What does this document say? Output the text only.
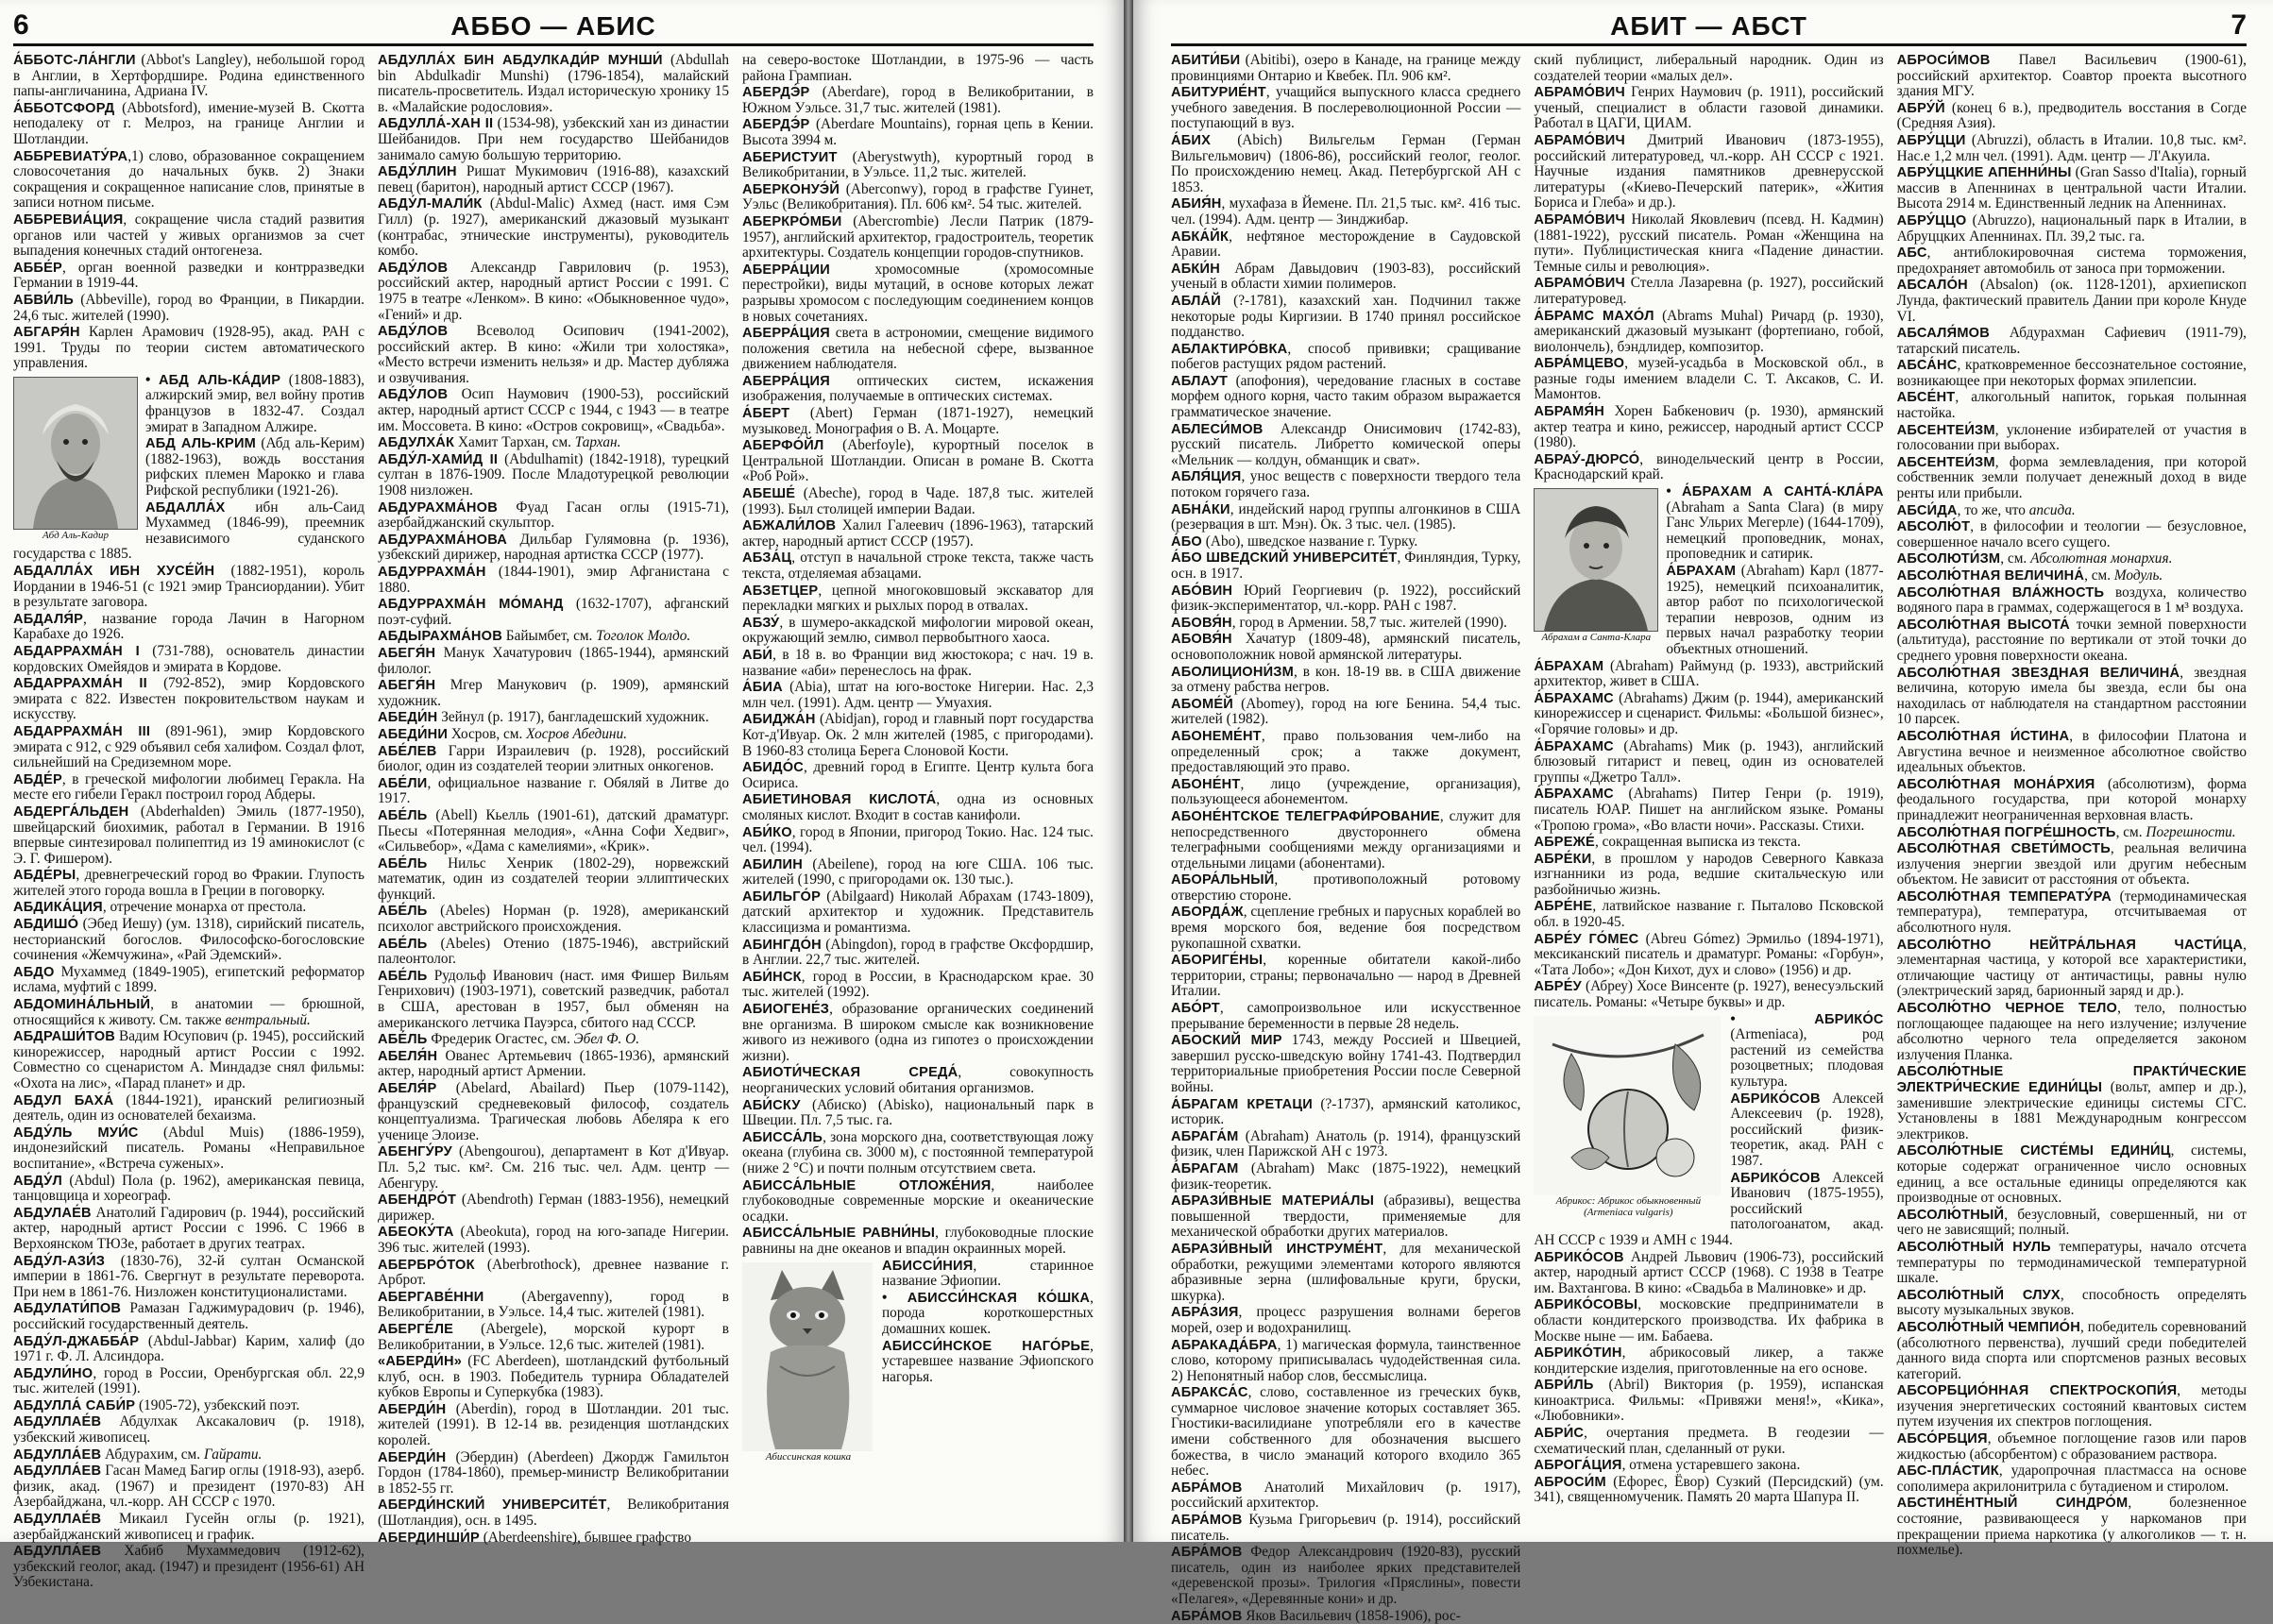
6	АББО — АБИС

А́ББОТС-ЛА́НГЛИ (Abbot's Langley), небольшой город в Англии, в Хертфордшире. Родина единственного папы-англичанина, Адриана IV.

А́ББОТСФОРД (Abbotsford), имение-музей В. Скотта неподалеку от г. Мелроз, на границе Англии и Шотландии.

АББРЕВИАТУ́РА,1) слово, образованное сокращением словосочетания до начальных букв. 2) Знаки сокращения и сокращенное написание слов, принятые в записи нотном письме.

АББРЕВИА́ЦИЯ, сокращение числа стадий развития органов или частей у живых организмов за счет выпадения конечных стадий онтогенеза.

АББЕ́Р, орган военной разведки и контрразведки Германии в 1919-44.

АБВИ́ЛЬ (Abbeville), город во Франции, в Пикардии. 24,6 тыс. жителей (1990).

АБГАРЯ́Н Карлен Арамович (1928-95), акад. РАН с 1991. Труды по теории систем автоматического управления.

Абд Аль-Кадир

• АБД АЛЬ-КА́ДИР (1808-1883), алжирский эмир, вел войну против французов в 1832-47. Создал эмират в Западном Алжире.

АБД АЛЬ-КРИМ (Абд аль-Керим) (1882-1963), вождь восстания рифских племен Марокко и глава Рифской республики (1921-26).

АБДАЛЛА́Х ибн аль-Саид Мухаммед (1846-99), преемник независимого суданского государства с 1885.

АБДАЛЛА́Х ИБН ХУСЕ́ЙН (1882-1951), король Иордании в 1946-51 (с 1921 эмир Трансиордании). Убит в результате заговора.

АБДАЛЯ́Р, название города Лачин в Нагорном Карабахе до 1926.

АБДАРРАХМА́Н I (731-788), основатель династии кордовских Омейядов и эмирата в Кордове.

АБДАРРАХМА́Н II (792-852), эмир Кордовского эмирата с 822. Известен покровительством наукам и искусству.

АБДАРРАХМА́Н III (891-961), эмир Кордовского эмирата с 912, с 929 объявил себя халифом. Создал флот, сильнейший на Средиземном море.

АБДЕ́Р, в греческой мифологии любимец Геракла. На месте его гибели Геракл построил город Абдеры.

АБДЕРГА́ЛЬДЕН (Abderhalden) Эмиль (1877-1950), швейцарский биохимик, работал в Германии. В 1916 впервые синтезировал полипептид из 19 аминокислот (с Э. Г. Фишером).

АБДЕ́РЫ, древнегреческий город во Фракии. Глупость жителей этого города вошла в Греции в поговорку.

АБДИКА́ЦИЯ, отречение монарха от престола.

АБДИШО́ (Эбед Иешу) (ум. 1318), сирийский писатель, несторианский богослов. Философско-богословские сочинения «Жемчужина», «Рай Эдемский».

АБДО Мухаммед (1849-1905), египетский реформатор ислама, муфтий с 1899.

АБДОМИНА́ЛЬНЫЙ, в анатомии — брюшной, относящийся к животу. См. также вентральный.

АБДРАШИ́ТОВ Вадим Юсупович (р. 1945), российский кинорежиссер, народный артист России с 1992. Совместно со сценаристом А. Миндадзе снял фильмы: «Охота на лис», «Парад планет» и др.

АБДУЛ БАХА́ (1844-1921), иранский религиозный деятель, один из основателей бехаизма.

АБДУ́ЛЬ МУИ́С (Abdul Muis) (1886-1959), индонезийский писатель. Романы «Неправильное воспитание», «Встреча суженых».

АБДУ́Л (Abdul) Пола (р. 1962), американская певица, танцовщица и хореограф.

АБДУЛАЕ́В Анатолий Гадирович (р. 1944), российский актер, народный артист России с 1996. С 1966 в Верхоянском ТЮЗе, работает в других театрах.

АБДУ́Л-АЗИ́З (1830-76), 32-й султан Османской империи в 1861-76. Свергнут в результате переворота. При нем в 1861-76. Низложен конституционалистами.

АБДУЛАТИ́ПОВ Рамазан Гаджимурадович (р. 1946), российский государственный деятель.

АБДУ́Л-ДЖАББА́Р (Abdul-Jabbar) Карим, халиф (до 1971 г. Ф. Л. Алсиндора.

АБДУЛИ́НО, город в России, Оренбургская обл. 22,9 тыс. жителей (1991).

АБДУЛЛА́ САБИ́Р (1905-72), узбекский поэт.

АБДУЛЛАЕ́В Абдулхак Аксакалович (р. 1918), узбекский живописец.

АБДУЛЛА́ЕВ Абдурахим, см. Гайрати.

АБДУЛЛА́ЕВ Гасан Мамед Багир оглы (1918-93), азерб. физик, акад. (1967) и президент (1970-83) АН Азербайджана, чл.-корр. АН СССР с 1970.

АБДУЛЛАЕ́В Микаил Гусейн оглы (р. 1921), азербайджанский живописец и график.

АБДУЛЛА́ЕВ Хабиб Мухаммедович (1912-62), узбекский геолог, акад. (1947) и президент (1956-61) АН Узбекистана.

АБДУЛЛА́Х БИН АБДУЛКАДИ́Р МУНШИ́ (Abdullah bin Abdulkadir Munshi) (1796-1854), малайский писатель-просветитель. Издал историческую хронику 15 в. «Малайские родословия».

АБДУЛЛА́-ХАН II (1534-98), узбекский хан из династии Шейбанидов. При нем государство Шейбанидов занимало самую большую территорию.

АБДУ́ЛЛИН Ришат Мукимович (1916-88), казахский певец (баритон), народный артист СССР (1967).

АБДУ́Л-МАЛИ́К (Abdul-Malic) Ахмед (наст. имя Сэм Гилл) (р. 1927), американский джазовый музыкант (контрабас, этнические инструменты), руководитель комбо.

АБДУ́ЛОВ Александр Гаврилович (р. 1953), российский актер, народный артист России с 1991. С 1975 в театре «Ленком». В кино: «Обыкновенное чудо», «Гений» и др.

АБДУ́ЛОВ Всеволод Осипович (1941-2002), российский актер. В кино: «Жили три холостяка», «Место встречи изменить нельзя» и др. Мастер дубляжа и озвучивания.

АБДУ́ЛОВ Осип Наумович (1900-53), российский актер, народный артист СССР с 1944, с 1943 — в театре им. Моссовета. В кино: «Остров сокровищ», «Свадьба».

АБДУЛХА́К Хамит Тархан, см. Тархан.

АБДУ́Л-ХАМИ́Д II (Abdulhamit) (1842-1918), турецкий султан в 1876-1909. После Младотурецкой революции 1908 низложен.

АБДУРАХМА́НОВ Фуад Гасан оглы (1915-71), азербайджанский скульптор.

АБДУРАХМА́НОВА Дильбар Гулямовна (р. 1936), узбекский дирижер, народная артистка СССР (1977).

АБДУРРАХМА́Н (1844-1901), эмир Афганистана с 1880.

АБДУРРАХМА́Н МО́МАНД (1632-1707), афганский поэт-суфий.

АБДЫРАХМА́НОВ Байымбет, см. Тоголок Молдо.

АБЕГЯ́Н Манук Хачатурович (1865-1944), армянский филолог.

АБЕГЯ́Н Мгер Манукович (р. 1909), армянский художник.

АБЕДИ́Н Зейнул (р. 1917), бангладешский художник.

АБЕДИ́НИ Хосров, см. Хосров Абедини.

АБЕ́ЛЕВ Гарри Израилевич (р. 1928), российский биолог, один из создателей теории элитных онкогенов.

АБЕ́ЛИ, официальное название г. Обяляй в Литве до 1917.

АБЕ́ЛЬ (Abell) Кьелль (1901-61), датский драматург. Пьесы «Потерянная мелодия», «Анна Софи Хедвиг», «Сильвебор», «Дама с камелиями», «Крик».

АБЕ́ЛЬ Нильс Хенрик (1802-29), норвежский математик, один из создателей теории эллиптических функций.

АБЕ́ЛЬ (Abeles) Норман (р. 1928), американский психолог австрийского происхождения.

АБЕ́ЛЬ (Abeles) Отенио (1875-1946), австрийский палеонтолог.

АБЕ́ЛЬ Рудольф Иванович (наст. имя Фишер Вильям Генрихович) (1903-1971), советский разведчик, работал в США, арестован в 1957, был обменян на американского летчика Пауэрса, сбитого над СССР.

АБЕ́ЛЬ Фредерик Огастес, см. Эбел Ф. О.

АБЕЛЯ́Н Ованес Артемьевич (1865-1936), армянский актер, народный артист Армении.

АБЕЛЯ́Р (Abelard, Abailard) Пьер (1079-1142), французский средневековый философ, создатель концептуализма. Трагическая любовь Абеляра к его ученице Элоизе.

АБЕНГУ́РУ (Abengourou), департамент в Кот д'Ивуар. Пл. 5,2 тыс. км². См. 216 тыс. чел. Адм. центр — Абенгуру.

АБЕНДРО́Т (Abendroth) Герман (1883-1956), немецкий дирижер.

АБЕОКУ́ТА (Abeokuta), город на юго-западе Нигерии. 396 тыс. жителей (1993).

АБЕРБРО́ТОК (Aberbrothock), древнее название г. Арброт.

АБЕРГАВЕ́ННИ (Abergavenny), город в Великобритании, в Уэльсе. 14,4 тыс. жителей (1981).

АБЕРГЕ́ЛЕ (Abergele), морской курорт в Великобритании, в Уэльсе. 12,6 тыс. жителей (1981).

«АБЕРДИ́Н» (FC Aberdeen), шотландский футбольный клуб, осн. в 1903. Победитель турнира Обладателей кубков Европы и Суперкубка (1983).

АБЕРДИ́Н (Aberdin), город в Шотландии. 201 тыс. жителей (1991). В 12-14 вв. резиденция шотландских королей.

АБЕРДИ́Н (Эбердин) (Aberdeen) Джордж Гамильтон Гордон (1784-1860), премьер-министр Великобритании в 1852-55 гг.

АБЕРДИ́НСКИЙ УНИВЕРСИТЕ́Т, Великобритания (Шотландия), осн. в 1495.

АБЕРДИНШИ́Р (Aberdeenshire), бывшее графство

на северо-востоке Шотландии, в 1975-96 — часть района Грампиан.

АБЕРДЭ́Р (Aberdare), город в Великобритании, в Южном Уэльсе. 31,7 тыс. жителей (1981).

АБЕРДЭ́Р (Aberdare Mountains), горная цепь в Кении. Высота 3994 м.

АБЕРИСТУИТ (Aberystwyth), курортный город в Великобритании, в Уэльсе. 11,2 тыс. жителей.

АБЕРКОНУЭ́Й (Aberconwy), город в графстве Гуинет, Уэльс (Великобритания). Пл. 606 км². 54 тыс. жителей.

АБЕРКРО́МБИ (Abercrombie) Лесли Патрик (1879-1957), английский архитектор, градостроитель, теоретик архитектуры. Создатель концепции городов-спутников.

АБЕРРА́ЦИИ хромосомные (хромосомные перестройки), виды мутаций, в основе которых лежат разрывы хромосом с последующим соединением концов в новых сочетаниях.

АБЕРРА́ЦИЯ света в астрономии, смещение видимого положения светила на небесной сфере, вызванное движением наблюдателя.

АБЕРРА́ЦИЯ оптических систем, искажения изображения, получаемые в оптических системах.

А́БЕРТ (Abert) Герман (1871-1927), немецкий музыковед. Монография о В. А. Моцарте.

АБЕРФО́ЙЛ (Aberfoyle), курортный поселок в Центральной Шотландии. Описан в романе В. Скотта «Роб Рой».

АБЕШЕ́ (Abeche), город в Чаде. 187,8 тыс. жителей (1993). Был столицей империи Вадаи.

АБЖАЛИ́ЛОВ Халил Галеевич (1896-1963), татарский актер, народный артист СССР (1957).

АБЗА́Ц, отступ в начальной строке текста, также часть текста, отделяемая абзацами.

АБЗЕТЦЕР, цепной многоковшовый экскаватор для перекладки мягких и рыхлых пород в отвалах.

АБЗУ́, в шумеро-аккадской мифологии мировой океан, окружающий землю, символ первобытного хаоса.

АБИ́, в 18 в. во Франции вид жюстокора; с нач. 19 в. название «аби» перенеслось на фрак.

А́БИА (Abia), штат на юго-востоке Нигерии. Нас. 2,3 млн чел. (1991). Адм. центр — Умуахия.

АБИДЖА́Н (Abidjan), город и главный порт государства Кот-д'Ивуар. Ок. 2 млн жителей (1985, с пригородами). В 1960-83 столица Берега Слоновой Кости.

АБИДО́С, древний город в Египте. Центр культа бога Осириса.

АБИЕТИНОВАЯ КИСЛОТА́, одна из основных смоляных кислот. Входит в состав канифоли.

АБИ́КО, город в Японии, пригород Токио. Нас. 124 тыс. чел. (1994).

АБИЛИН (Abeilene), город на юге США. 106 тыс. жителей (1990, с пригородами ок. 130 тыс.).

АБИЛЬГО́Р (Abilgaard) Николай Абрахам (1743-1809), датский архитектор и художник. Представитель классицизма и романтизма.

АБИНГДО́Н (Abingdon), город в графстве Оксфордшир, в Англии. 22,7 тыс. жителей.

АБИ́НСК, город в России, в Краснодарском крае. 30 тыс. жителей (1992).

АБИОГЕНЕ́З, образование органических соединений вне организма. В широком смысле как возникновение живого из неживого (одна из гипотез о происхождении жизни).

АБИОТИ́ЧЕСКАЯ СРЕДА́, совокупность неорганических условий обитания организмов.

АБИ́СКУ (Абиско) (Abisko), национальный парк в Швеции. Пл. 7,5 тыс. га.

АБИССА́ЛЬ, зона морского дна, соответствующая ложу океана (глубина св. 3000 м), с постоянной температурой (ниже 2 °С) и почти полным отсутствием света.

АБИССА́ЛЬНЫЕ ОТЛОЖЕ́НИЯ, наиболее глубоководные современные морские и океанические осадки.

АБИССА́ЛЬНЫЕ РАВНИ́НЫ, глубоководные плоские равнины на дне океанов и впадин окраинных морей.

Абиссинская кошка

АБИССИ́НИЯ, старинное название Эфиопии.

• АБИССИ́НСКАЯ КО́ШКА, порода короткошерстных домашних кошек.

АБИССИ́НСКОЕ НАГО́РЬЕ, устаревшее название Эфиопского нагорья.

АБИТ — АБСТ	7

АБИТИ́БИ (Abitibi), озеро в Канаде, на границе между провинциями Онтарио и Квебек. Пл. 906 км².

АБИТУРИЕ́НТ, учащийся выпускного класса среднего учебного заведения. В послереволюционной России — поступающий в вуз.

А́БИХ (Abich) Вильгельм Герман (Герман Вильгельмович) (1806-86), российский геолог, геолог. По происхождению немец. Акад. Петербургской АН с 1853.

АБИЯ́Н, мухафаза в Йемене. Пл. 21,5 тыс. км². 416 тыс. чел. (1994). Адм. центр — Зинджибар.

АБКА́ЙК, нефтяное месторождение в Саудовской Аравии.

АБКИ́Н Абрам Давыдович (1903-83), российский ученый в области химии полимеров.

АБЛА́Й (?-1781), казахский хан. Подчинил также некоторые роды Киргизии. В 1740 принял российское подданство.

АБЛАКТИРО́ВКА, способ прививки; сращивание побегов растущих рядом растений.

АБЛАУТ (апофония), чередование гласных в составе морфем одного корня, часто таким образом выражается грамматическое значение.

АБЛЕСИ́МОВ Александр Онисимович (1742-83), русский писатель. Либретто комической оперы «Мельник — колдун, обманщик и сват».

АБЛЯ́ЦИЯ, унос веществ с поверхности твердого тела потоком горячего газа.

АБНА́КИ, индейский народ группы алгонкинов в США (резервация в шт. Мэн). Ок. 3 тыс. чел. (1985).

А́БО (Abo), шведское название г. Турку.

А́БО ШВЕДСКИЙ УНИВЕРСИТЕ́Т, Финляндия, Турку, осн. в 1917.

АБО́ВИН Юрий Георгиевич (р. 1922), российский физик-экспериментатор, чл.-корр. РАН с 1987.

АБОВЯ́Н, город в Армении. 58,7 тыс. жителей (1990).

АБОВЯ́Н Хачатур (1809-48), армянский писатель, основоположник новой армянской литературы.

АБОЛИЦИОНИ́ЗМ, в кон. 18-19 вв. в США движение за отмену рабства негров.

АБОМЕ́Й (Abomey), город на юге Бенина. 54,4 тыс. жителей (1982).

АБОНЕМЕ́НТ, право пользования чем-либо на определенный срок; а также документ, предоставляющий это право.

АБОНЕ́НТ, лицо (учреждение, организация), пользующееся абонементом.

АБОНЕ́НТСКОЕ ТЕЛЕГРАФИ́РОВАНИЕ, служит для непосредственного двустороннего обмена телеграфными сообщениями между организациями и отдельными лицами (абонентами).

АБОРА́ЛЬНЫЙ, противоположный ротовому отверстию стороне.

АБОРДА́Ж, сцепление гребных и парусных кораблей во время морского боя, ведение боя посредством рукопашной схватки.

АБОРИГЕ́НЫ, коренные обитатели какой-либо территории, страны; первоначально — народ в Древней Италии.

АБО́РТ, самопроизвольное или искусственное прерывание беременности в первые 28 недель.

АБОСКИЙ МИР 1743, между Россией и Швецией, завершил русско-шведскую войну 1741-43. Подтвердил территориальные приобретения России после Северной войны.

А́БРАГАМ КРЕТАЦИ (?-1737), армянский католикос, историк.

АБРАГА́М (Abraham) Анатоль (р. 1914), французский физик, член Парижской АН с 1973.

А́БРАГАМ (Abraham) Макс (1875-1922), немецкий физик-теоретик.

АБРАЗИ́ВНЫЕ МАТЕРИА́ЛЫ (абразивы), вещества повышенной твердости, применяемые для механической обработки других материалов.

АБРАЗИ́ВНЫЙ ИНСТРУМЕ́НТ, для механической обработки, режущими элементами которого являются абразивные зерна (шлифовальные круги, бруски, шкурка).

АБРА́ЗИЯ, процесс разрушения волнами берегов морей, озер и водохранилищ.

АБРАКАДА́БРА, 1) магическая формула, таинственное слово, которому приписывалась чудодейственная сила. 2) Непонятный набор слов, бессмыслица.

АБРАКСА́С, слово, составленное из греческих букв, суммарное числовое значение которых составляет 365. Гностики-василидиане употребляли его в качестве имени собственного для обозначения высшего божества, в число эманаций которого входило 365 небес.

АБРА́МОВ Анатолий Михайлович (р. 1917), российский архитектор.

АБРА́МОВ Кузьма Григорьевич (р. 1914), российский писатель.

АБРА́МОВ Федор Александрович (1920-83), русский писатель, один из наиболее ярких представителей «деревенской прозы». Трилогия «Пряслины», повести «Пелагея», «Деревянные кони» и др.

АБРА́МОВ Яков Васильевич (1858-1906), рос-

ский публицист, либеральный народник. Один из создателей теории «малых дел».

АБРАМО́ВИЧ Генрих Наумович (р. 1911), российский ученый, специалист в области газовой динамики. Работал в ЦАГИ, ЦИАМ.

АБРАМО́ВИЧ Дмитрий Иванович (1873-1955), российский литературовед, чл.-корр. АН СССР с 1921. Научные издания памятников древнерусской литературы («Киево-Печерский патерик», «Жития Бориса и Глеба» и др.).

АБРАМО́ВИЧ Николай Яковлевич (псевд. Н. Кадмин) (1881-1922), русский писатель. Роман «Женщина на пути». Публицистическая книга «Падение династии. Темные силы и революция».

АБРАМО́ВИЧ Стелла Лазаревна (р. 1927), российский литературовед.

А́БРАМС МАХО́Л (Abrams Muhal) Ричард (р. 1930), американский джазовый музыкант (фортепиано, гобой, виолончель), бэндлидер, композитор.

АБРА́МЦЕВО, музей-усадьба в Московской обл., в разные годы имением владели С. Т. Аксаков, С. И. Мамонтов.

АБРАМЯ́Н Хорен Бабкенович (р. 1930), армянский актер театра и кино, режиссер, народный артист СССР (1980).

АБРАУ́-ДЮРСО́, винодельческий центр в России, Краснодарский край.

Абрахам а Санта-Клара

• А́БРАХАМ А САНТА́-КЛА́РА (Abraham a Santa Clara) (в миру Ганс Ульрих Мегерле) (1644-1709), немецкий проповедник, монах, проповедник и сатирик.

А́БРАХАМ (Abraham) Карл (1877-1925), немецкий психоаналитик, автор работ по психологической терапии неврозов, одним из первых начал разработку теории объектных отношений.

А́БРАХАМ (Abraham) Раймунд (р. 1933), австрийский архитектор, живет в США.

А́БРАХАМС (Abrahams) Джим (р. 1944), американский кинорежиссер и сценарист. Фильмы: «Большой бизнес», «Горячие головы» и др.

А́БРАХАМС (Abrahams) Мик (р. 1943), английский блюзовый гитарист и певец, один из основателей группы «Джетро Талл».

А́БРАХАМС (Abrahams) Питер Генри (р. 1919), писатель ЮАР. Пишет на английском языке. Романы «Тропою грома», «Во власти ночи». Рассказы. Стихи.

АБРЕЖЕ́, сокращенная выписка из текста.

АБРЕ́КИ, в прошлом у народов Северного Кавказа изгнанники из рода, ведшие скитальческую или разбойничью жизнь.

АБРЕ́НЕ, латвийское название г. Пыталово Псковской обл. в 1920-45.

АБРЕ́У ГО́МЕС (Abreu Gómez) Эрмильо (1894-1971), мексиканский писатель и драматург. Романы: «Горбун», «Тата Лобо»; «Дон Кихот, дух и слово» (1956) и др.

АБРЕ́У (Абреу) Хосе Винсенте (р. 1927), венесуэльский писатель. Романы: «Четыре буквы» и др.

Абрикос: Абрикос обыкновенный (Armeniaca vulgaris)

• АБРИКО́С (Armeniaca), род растений из семейства розоцветных; плодовая культура.

АБРИКО́СОВ Алексей Алексеевич (р. 1928), российский физик-теоретик, акад. РАН с 1987.

АБРИКО́СОВ Алексей Иванович (1875-1955), российский патологоанатом, акад. АН СССР с 1939 и АМН с 1944.

АБРИКО́СОВ Андрей Львович (1906-73), российский актер, народный артист СССР (1968). С 1938 в Театре им. Вахтангова. В кино: «Свадьба в Малиновке» и др.

АБРИКО́СОВЫ, московские предприниматели в области кондитерского производства. Их фабрика в Москве ныне — им. Бабаева.

АБРИКО́ТИН, абрикосовый ликер, а также кондитерские изделия, приготовленные на его основе.

АБРИ́ЛЬ (Abril) Виктория (р. 1959), испанская киноактриса. Фильмы: «Привяжи меня!», «Кика», «Любовники».

АБРИ́С, очертания предмета. В геодезии — схематический план, сделанный от руки.

АБРОГА́ЦИЯ, отмена устаревшего закона.

АБРОСИ́М (Ефорес, Ёвор) Сузкий (Персидский) (ум. 341), священномученик. Память 20 марта Шапура II.

АБРОСИ́МОВ Павел Васильевич (1900-61), российский архитектор. Соавтор проекта высотного здания МГУ.

АБРУ́Й (конец 6 в.), предводитель восстания в Согде (Средняя Азия).

АБРУ́ЦЦИ (Abruzzi), область в Италии. 10,8 тыс. км². Нас.е 1,2 млн чел. (1991). Адм. центр — Л'Акуила.

АБРУ́ЦЦКИЕ АПЕННИ́НЫ (Gran Sasso d'Italia), горный массив в Апеннинах в центральной части Италии. Высота 2914 м. Единственный ледник на Апеннинах.

АБРУ́ЦЦО (Abruzzo), национальный парк в Италии, в Абруццких Апеннинах. Пл. 39,2 тыс. га.

АБС, антиблокировочная система торможения, предохраняет автомобиль от заноса при торможении.

АБСАЛО́Н (Absalon) (ок. 1128-1201), архиепископ Лунда, фактический правитель Дании при короле Кнуде VI.

АБСАЛЯ́МОВ Абдурахман Сафиевич (1911-79), татарский писатель.

АБСА́НС, кратковременное бессознательное состояние, возникающее при некоторых формах эпилепсии.

АБСЕ́НТ, алкогольный напиток, горькая полынная настойка.

АБСЕНТЕИ́ЗМ, уклонение избирателей от участия в голосовании при выборах.

АБСЕНТЕИ́ЗМ, форма землевладения, при которой собственник земли получает денежный доход в виде ренты или прибыли.

АБСИ́ДА, то же, что апсида.

АБСОЛЮ́Т, в философии и теологии — безусловное, совершенное начало всего сущего.

АБСОЛЮТИ́ЗМ, см. Абсолютная монархия.

АБСОЛЮ́ТНАЯ ВЕЛИЧИНА́, см. Модуль.

АБСОЛЮ́ТНАЯ ВЛА́ЖНОСТЬ воздуха, количество водяного пара в граммах, содержащегося в 1 м³ воздуха.

АБСОЛЮ́ТНАЯ ВЫСОТА́ точки земной поверхности (альтитуда), расстояние по вертикали от этой точки до среднего уровня поверхности океана.

АБСОЛЮ́ТНАЯ ЗВЕЗДНАЯ ВЕЛИЧИНА́, звездная величина, которую имела бы звезда, если бы она находилась от наблюдателя на стандартном расстоянии 10 парсек.

АБСОЛЮ́ТНАЯ И́СТИНА, в философии Платона и Августина вечное и неизменное абсолютное свойство идеальных объектов.

АБСОЛЮ́ТНАЯ МОНА́РХИЯ (абсолютизм), форма феодального государства, при которой монарху принадлежит неограниченная верховная власть.

АБСОЛЮ́ТНАЯ ПОГРЕ́ШНОСТЬ, см. Погрешности.

АБСОЛЮ́ТНАЯ СВЕТИ́МОСТЬ, реальная величина излучения энергии звездой или другим небесным объектом. Не зависит от расстояния от объекта.

АБСОЛЮ́ТНАЯ ТЕМПЕРАТУ́РА (термодинамическая температура), температура, отсчитываемая от абсолютного нуля.

АБСОЛЮ́ТНО НЕЙТРА́ЛЬНАЯ ЧАСТИ́ЦА, элементарная частица, у которой все характеристики, отличающие частицу от античастицы, равны нулю (электрический заряд, барионный заряд и др.).

АБСОЛЮ́ТНО ЧЕРНОЕ ТЕЛО, тело, полностью поглощающее падающее на него излучение; излучение абсолютно черного тела определяется законом излучения Планка.

АБСОЛЮ́ТНЫЕ ПРАКТИ́ЧЕСКИЕ ЭЛЕКТРИ́ЧЕСКИЕ ЕДИНИ́ЦЫ (вольт, ампер и др.), заменившие электрические единицы системы СГС. Установлены в 1881 Международным конгрессом электриков.

АБСОЛЮ́ТНЫЕ СИСТЕ́МЫ ЕДИНИ́Ц, системы, которые содержат ограниченное число основных единиц, а все остальные единицы определяются как производные от основных.

АБСОЛЮ́ТНЫЙ, безусловный, совершенный, ни от чего не зависящий; полный.

АБСОЛЮ́ТНЫЙ НУЛЬ температуры, начало отсчета температуры по термодинамической температурной шкале.

АБСОЛЮ́ТНЫЙ СЛУХ, способность определять высоту музыкальных звуков.

АБСОЛЮ́ТНЫЙ ЧЕМПИО́Н, победитель соревнований (абсолютного первенства), лучший среди победителей данного вида спорта или спортсменов разных весовых категорий.

АБСОРБЦИО́ННАЯ СПЕКТРОСКОПИ́Я, методы изучения энергетических состояний квантовых систем путем изучения их спектров поглощения.

АБСО́РБЦИЯ, объемное поглощение газов или паров жидкостью (абсорбентом) с образованием раствора.

АБС-ПЛА́СТИК, ударопрочная пластмасса на основе сополимера акрилонитрила с бутадиеном и стиролом.

АБСТИНЕ́НТНЫЙ СИНДРО́М, болезненное состояние, развивающееся у наркоманов при прекращении приема наркотика (у алкоголиков — т. н. похмелье).
